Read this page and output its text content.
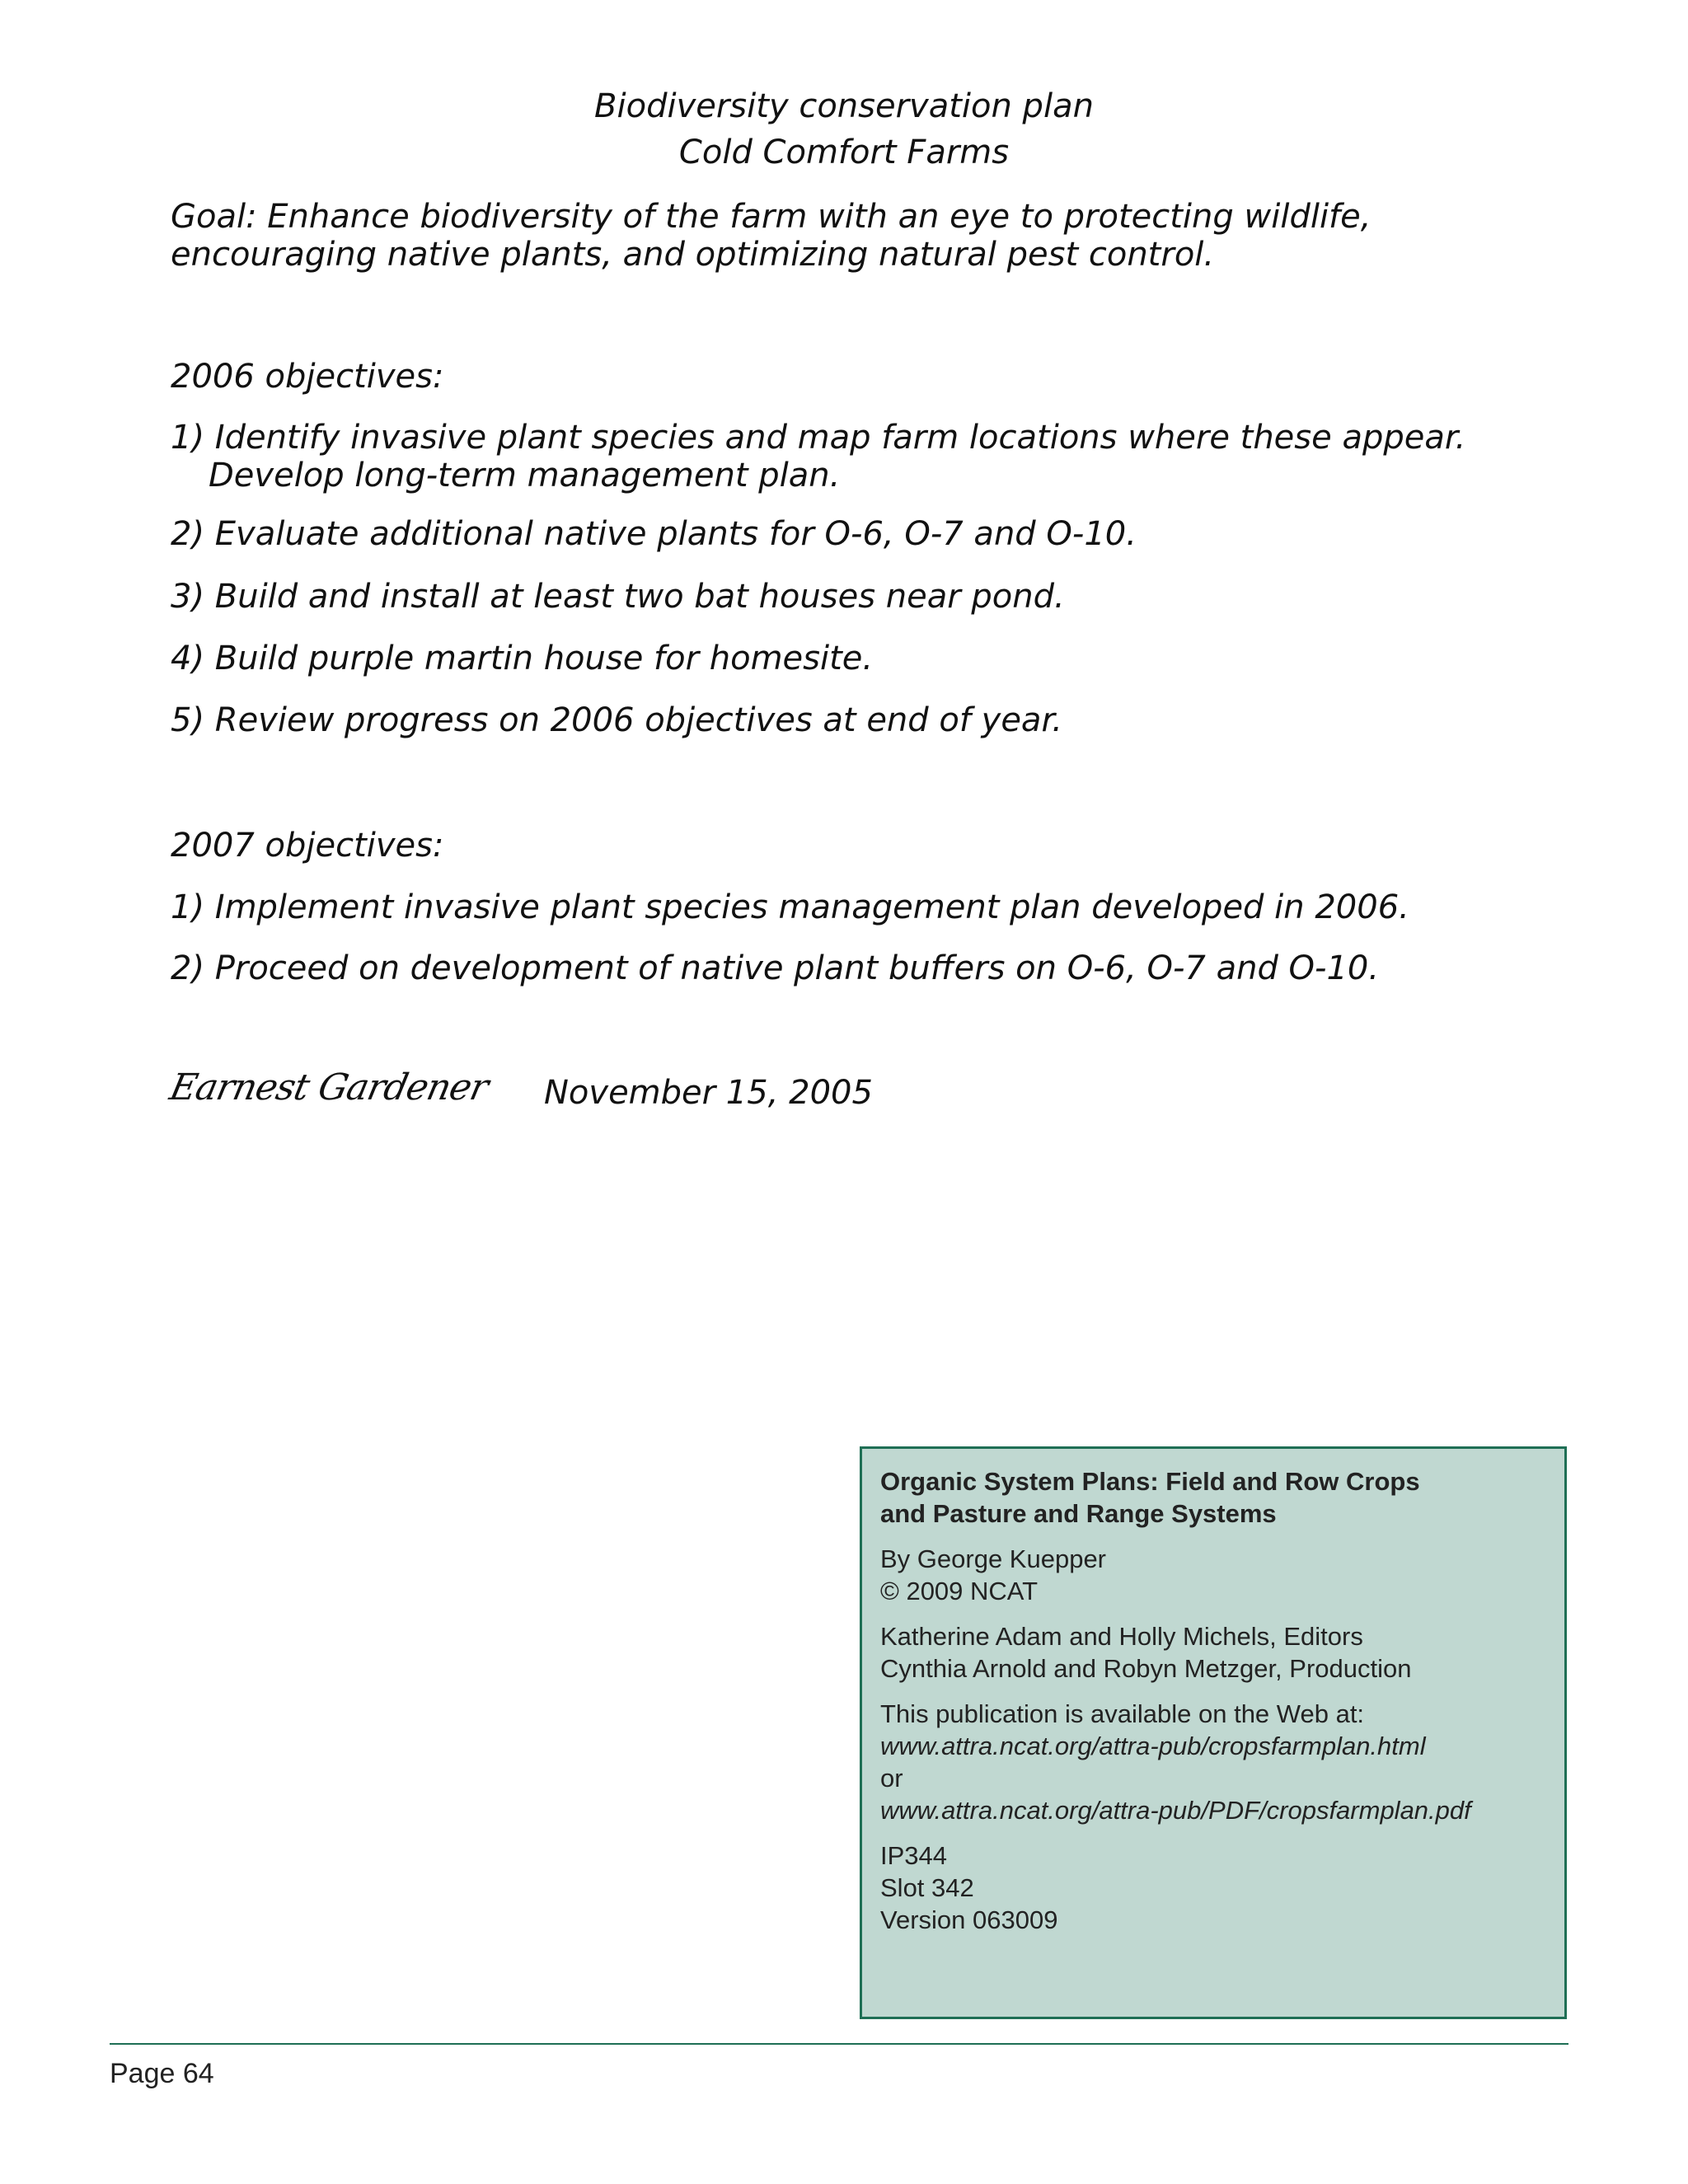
Biodiversity conservation plan
Cold Comfort Farms
Goal: Enhance biodiversity of the farm with an eye to protecting wildlife, encouraging native plants, and optimizing natural pest control.
2006 objectives:
1) Identify invasive plant species and map farm locations where these appear. Develop long-term management plan.
2) Evaluate additional native plants for O-6, O-7 and O-10.
3) Build and install at least two bat houses near pond.
4) Build purple martin house for homesite.
5) Review progress on 2006 objectives at end of year.
2007 objectives:
1) Implement invasive plant species management plan developed in 2006.
2) Proceed on development of native plant buffers on O-6, O-7 and O-10.
Earnest Gardener November 15, 2005
Organic System Plans: Field and Row Crops
and Pasture and Range Systems
By George Kuepper
© 2009 NCAT
Katherine Adam and Holly Michels, Editors
Cynthia Arnold and Robyn Metzger, Production
This publication is available on the Web at:
www.attra.ncat.org/attra-pub/cropsfarmplan.html
or
www.attra.ncat.org/attra-pub/PDF/cropsfarmplan.pdf
IP344
Slot 342
Version 063009
Page 64
